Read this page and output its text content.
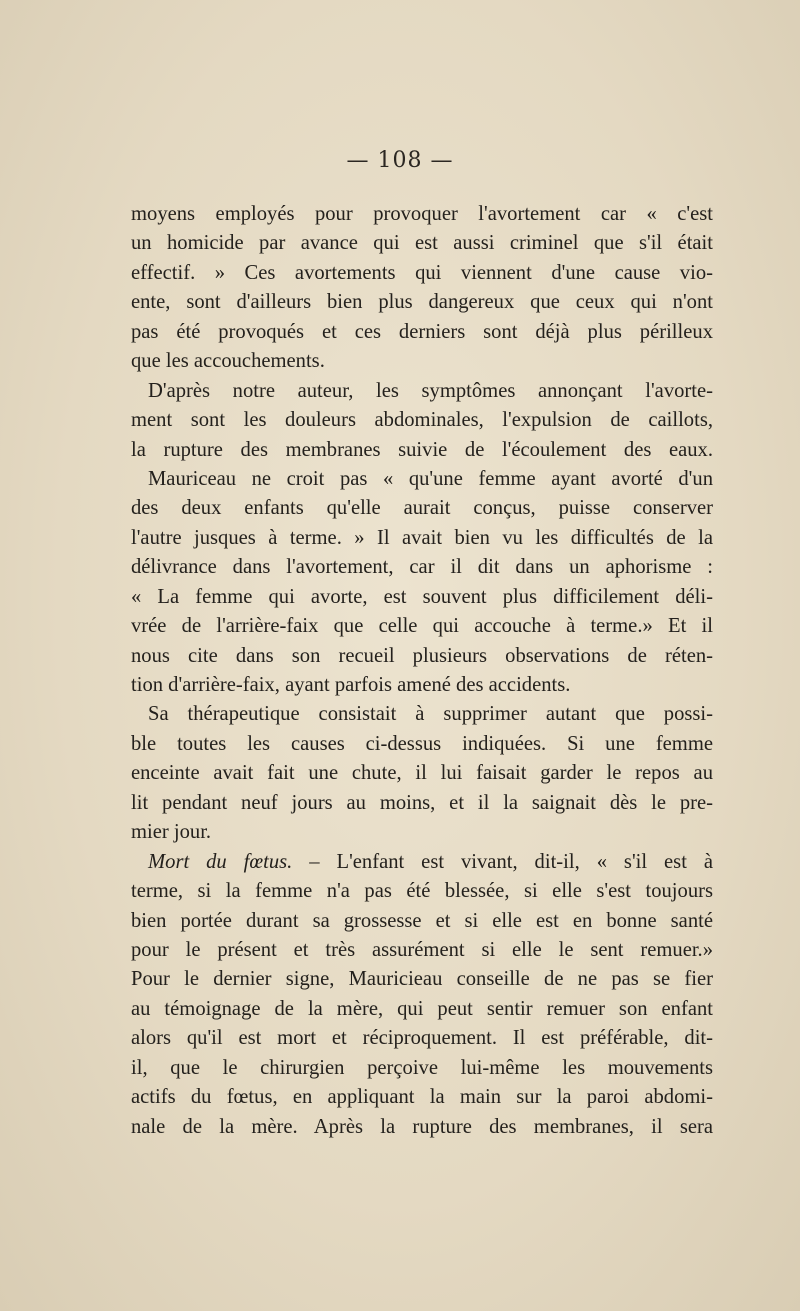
— 108 —
moyens employés pour provoquer l'avortement car « c'est
un homicide par avance qui est aussi criminel que s'il était
effectif. » Ces avortements qui viennent d'une cause vio-
ente, sont d'ailleurs bien plus dangereux que ceux qui n'ont
pas été provoqués et ces derniers sont déjà plus périlleux
que les accouchements.
D'après notre auteur, les symptômes annonçant l'avorte-
ment sont les douleurs abdominales, l'expulsion de caillots,
la rupture des membranes suivie de l'écoulement des eaux.
Mauriceau ne croit pas « qu'une femme ayant avorté d'un
des deux enfants qu'elle aurait conçus, puisse conserver
l'autre jusques à terme. » Il avait bien vu les difficultés de la
délivrance dans l'avortement, car il dit dans un aphorisme :
« La femme qui avorte, est souvent plus difficilement déli-
vrée de l'arrière-faix que celle qui accouche à terme.» Et il
nous cite dans son recueil plusieurs observations de réten-
tion d'arrière-faix, ayant parfois amené des accidents.
Sa thérapeutique consistait à supprimer autant que possi-
ble toutes les causes ci-dessus indiquées. Si une femme
enceinte avait fait une chute, il lui faisait garder le repos au
lit pendant neuf jours au moins, et il la saignait dès le pre-
mier jour.
Mort du fœtus. – L'enfant est vivant, dit-il, « s'il est à
terme, si la femme n'a pas été blessée, si elle s'est toujours
bien portée durant sa grossesse et si elle est en bonne santé
pour le présent et très assurément si elle le sent remuer.»
Pour le dernier signe, Mauricieau conseille de ne pas se fier
au témoignage de la mère, qui peut sentir remuer son enfant
alors qu'il est mort et réciproquement. Il est préférable, dit-
il, que le chirurgien perçoive lui-même les mouvements
actifs du fœtus, en appliquant la main sur la paroi abdomi-
nale de la mère. Après la rupture des membranes, il sera
